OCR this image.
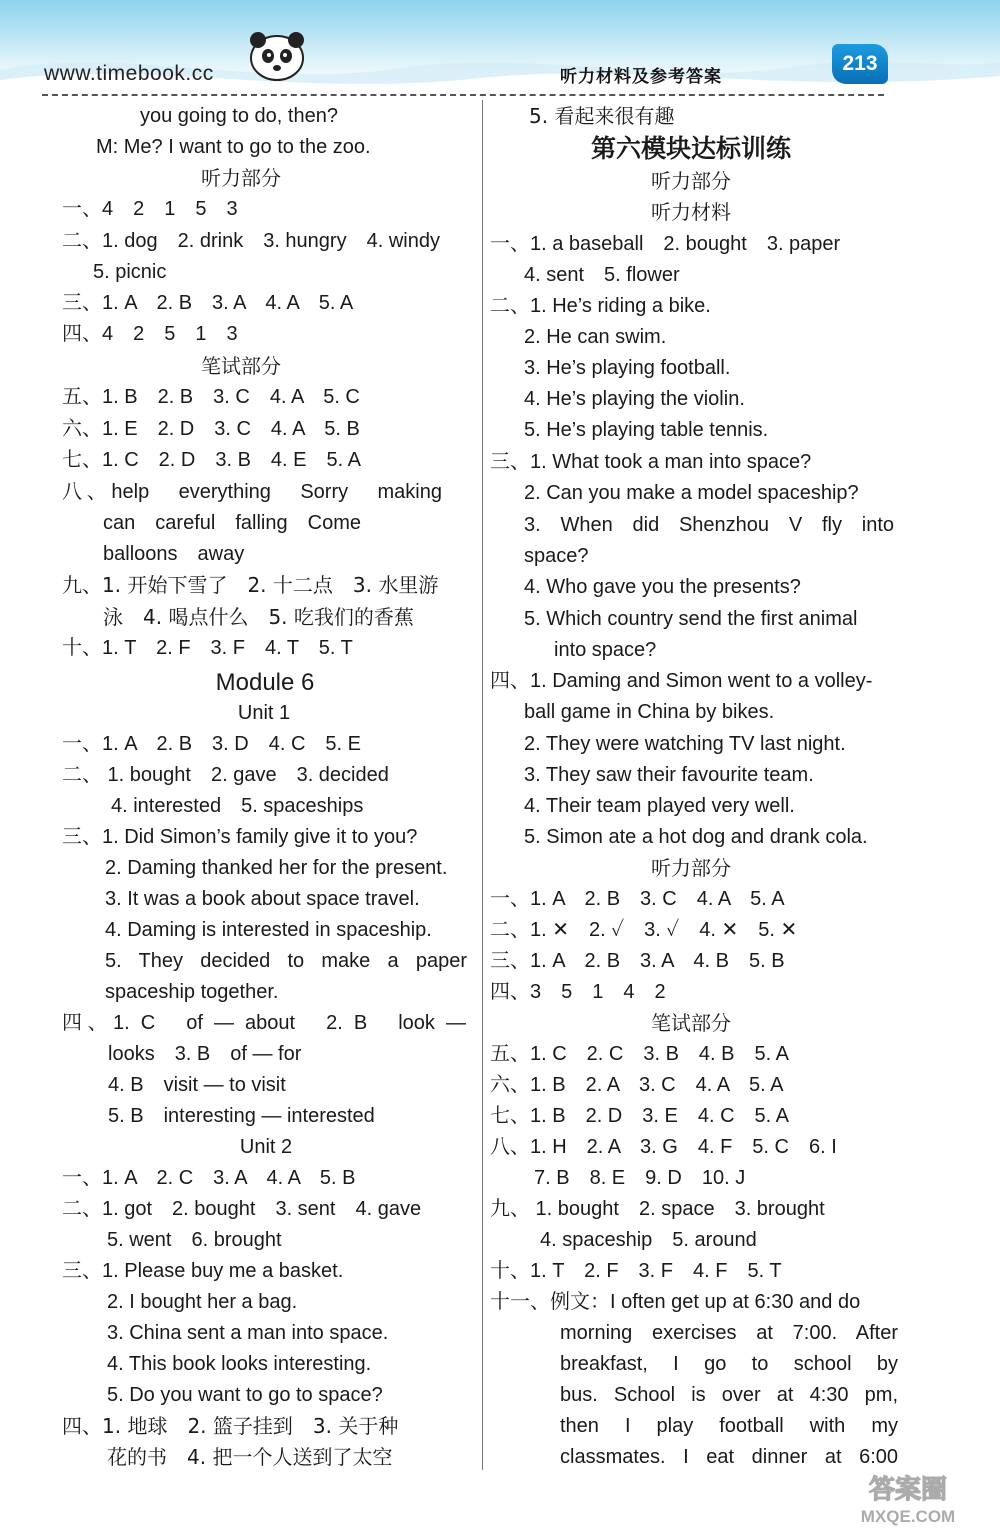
www.timebook.cc	听力材料及参考答案
213
you going to do, then?
M: Me? I want to go to the zoo.
听力部分
一、4　2　1　5　3
二、1. dog　2. drink　3. hungry　4. windy
5. picnic
三、1. A　2. B　3. A　4. A　5. A
四、4　2　5　1　3
笔试部分
五、1. B　2. B　3. C　4. A　5. C
六、1. E　2. D　3. C　4. A　5. B
七、1. C　2. D　3. B　4. E　5. A
八、help　everything　Sorry　making
can　careful　falling　Come
balloons　away
九、1. 开始下雪了　2. 十二点　3. 水里游
泳　4. 喝点什么　5. 吃我们的香蕉
十、1. T　2. F　3. F　4. T　5. T
Module 6
Unit 1
一、1. A　2. B　3. D　4. C　5. E
二、 1. bought　2. gave　3. decided
4. interested　5. spaceships
三、1. Did Simon’s family give it to you?
2. Daming thanked her for the present.
3. It was a book about space travel.
4. Daming is interested in spaceship.
5. They decided to make a paper
spaceship together.
四、1. C　of — about　2. B　look —
looks　3. B　of — for
4. B　visit — to visit
5. B　interesting — interested
Unit 2
一、1. A　2. C　3. A　4. A　5. B
二、1. got　2. bought　3. sent　4. gave
5. went　6. brought
三、1. Please buy me a basket.
2. I bought her a bag.
3. China sent a man into space.
4. This book looks interesting.
5. Do you want to go to space?
四、1. 地球　2. 篮子挂到　3. 关于种
花的书　4. 把一个人送到了太空
5. 看起来很有趣
第六模块达标训练
听力部分
听力材料
一、1. a baseball　2. bought　3. paper
4. sent　5. flower
二、1. He’s riding a bike.
2. He can swim.
3. He’s playing football.
4. He’s playing the violin.
5. He’s playing table tennis.
三、1. What took a man into space?
2. Can you make a model spaceship?
3. When did Shenzhou V fly into
space?
4. Who gave you the presents?
5. Which country send the first animal
into space?
四、1. Daming and Simon went to a volley-
ball game in China by bikes.
2. They were watching TV last night.
3. They saw their favourite team.
4. Their team played very well.
5. Simon ate a hot dog and drank cola.
听力部分
一、1. A　2. B　3. C　4. A　5. A
二、1. ✕　2. ✓　3. ✓　4. ✕　5. ✕
三、1. A　2. B　3. A　4. B　5. B
四、3　5　1　4　2
笔试部分
五、1. C　2. C　3. B　4. B　5. A
六、1. B　2. A　3. C　4. A　5. A
七、1. B　2. D　3. E　4. C　5. A
八、1. H　2. A　3. G　4. F　5. C　6. I
7. B　8. E　9. D　10. J
九、 1. bought　2. space　3. brought
4. spaceship　5. around
十、1. T　2. F　3. F　4. F　5. T
十一、例文：I often get up at 6:30 and do
morning exercises at 7:00. After
breakfast, I go to school by
bus. School is over at 4:30 pm,
then I play football with my
classmates. I eat dinner at 6:00
答案圈
MXQE.COM
